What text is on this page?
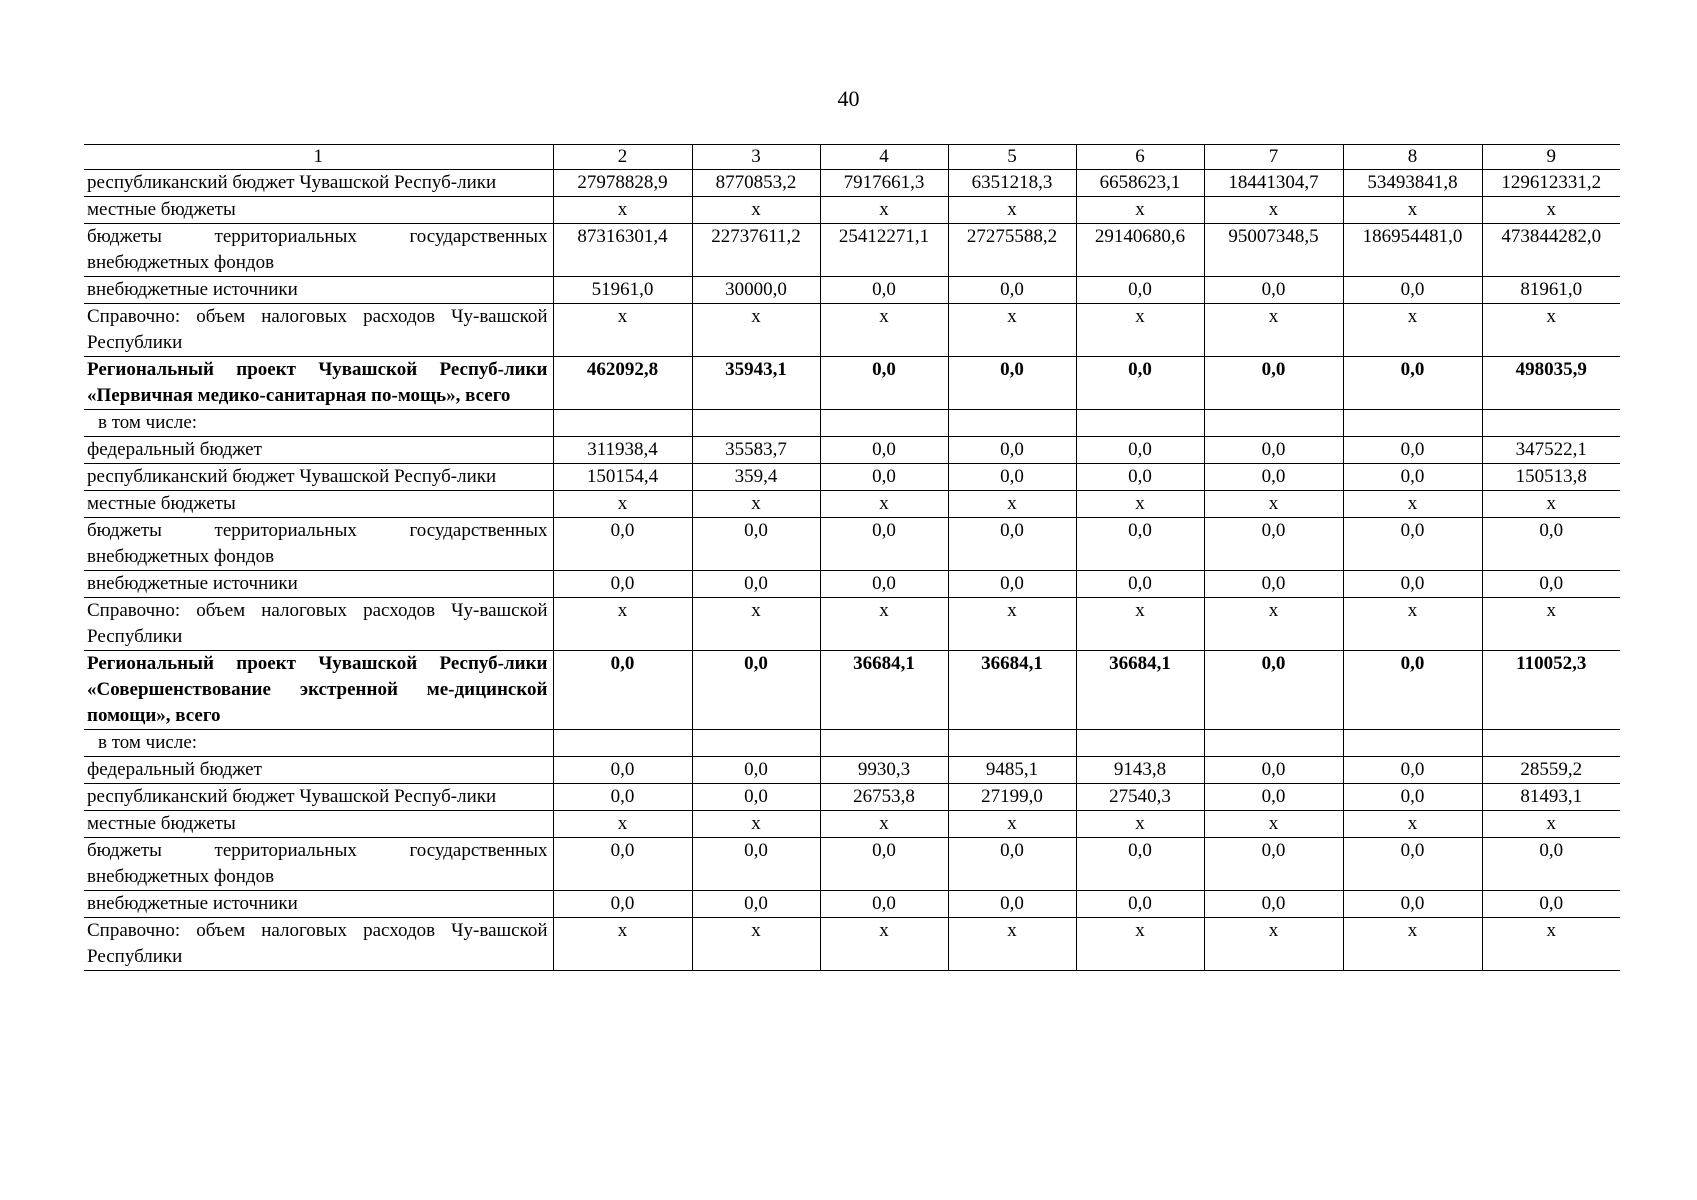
40
1	2	3	4	5	6	7	8	9
республиканский бюджет Чувашской Респуб-лики	27978828,9	8770853,2	7917661,3	6351218,3	6658623,1	18441304,7	53493841,8	129612331,2
местные бюджеты	х	х	х	х	х	х	х	х
бюджеты территориальных государственных внебюджетных фондов	87316301,4	22737611,2	25412271,1	27275588,2	29140680,6	95007348,5	186954481,0	473844282,0
внебюджетные источники	51961,0	30000,0	0,0	0,0	0,0	0,0	0,0	81961,0
Справочно: объем налоговых расходов Чу-вашской Республики	х	х	х	х	х	х	х	х
Региональный проект Чувашской Респуб-лики «Первичная медико-санитарная по-мощь», всего	462092,8	35943,1	0,0	0,0	0,0	0,0	0,0	498035,9
в том числе:								
федеральный бюджет	311938,4	35583,7	0,0	0,0	0,0	0,0	0,0	347522,1
республиканский бюджет Чувашской Респуб-лики	150154,4	359,4	0,0	0,0	0,0	0,0	0,0	150513,8
местные бюджеты	х	х	х	х	х	х	х	х
бюджеты территориальных государственных внебюджетных фондов	0,0	0,0	0,0	0,0	0,0	0,0	0,0	0,0
внебюджетные источники	0,0	0,0	0,0	0,0	0,0	0,0	0,0	0,0
Справочно: объем налоговых расходов Чу-вашской Республики	х	х	х	х	х	х	х	х
Региональный проект Чувашской Респуб-лики «Совершенствование экстренной ме-дицинской помощи», всего	0,0	0,0	36684,1	36684,1	36684,1	0,0	0,0	110052,3
в том числе:								
федеральный бюджет	0,0	0,0	9930,3	9485,1	9143,8	0,0	0,0	28559,2
республиканский бюджет Чувашской Респуб-лики	0,0	0,0	26753,8	27199,0	27540,3	0,0	0,0	81493,1
местные бюджеты	х	х	х	х	х	х	х	х
бюджеты территориальных государственных внебюджетных фондов	0,0	0,0	0,0	0,0	0,0	0,0	0,0	0,0
внебюджетные источники	0,0	0,0	0,0	0,0	0,0	0,0	0,0	0,0
Справочно: объем налоговых расходов Чу-вашской Республики	х	х	х	х	х	х	х	х
